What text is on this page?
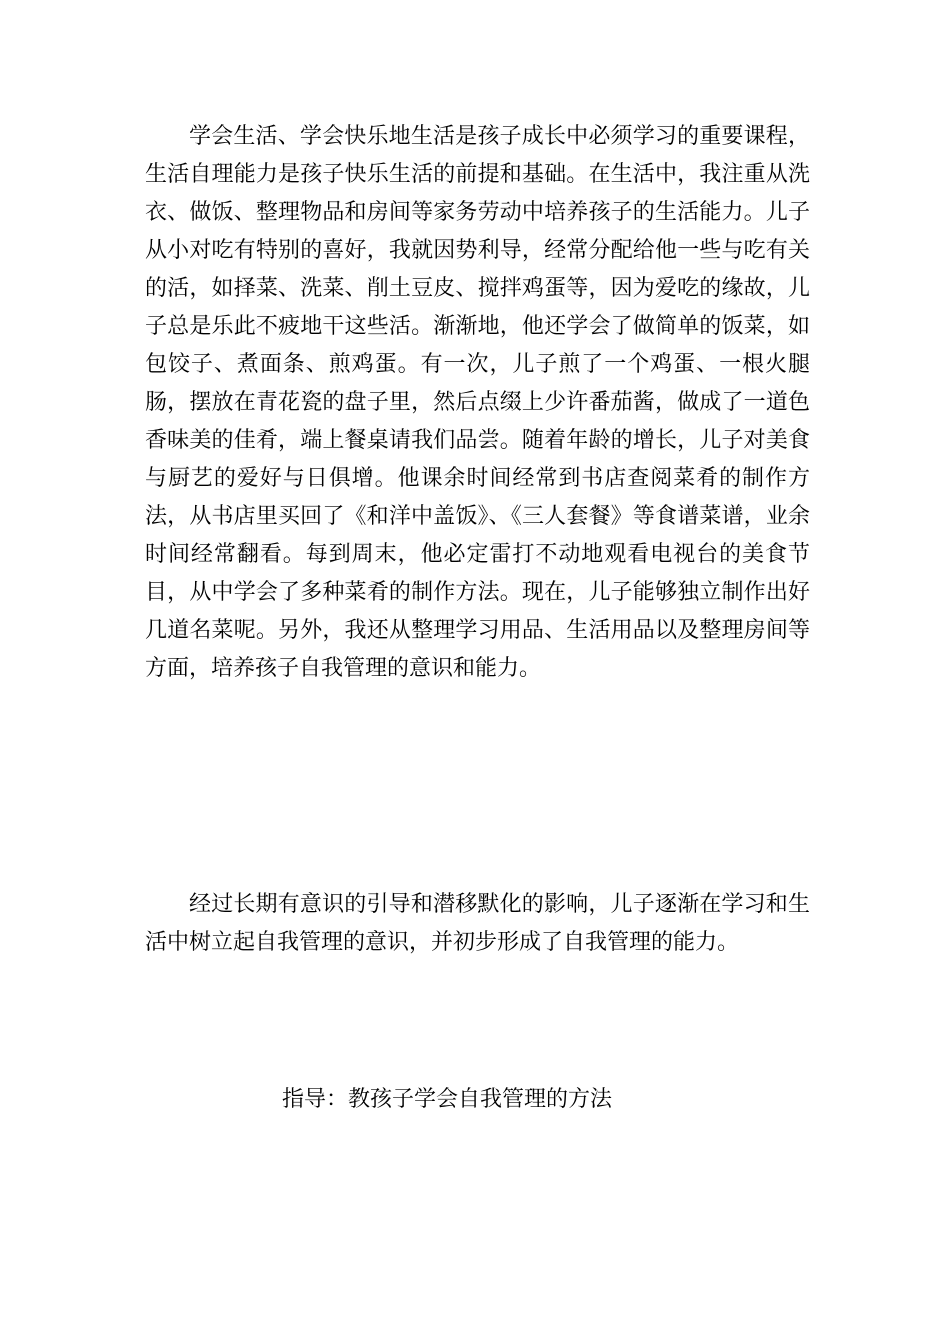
学会生活、学会快乐地生活是孩子成长中必须学习的重要课程，生活自理能力是孩子快乐生活的前提和基础。在生活中，我注重从洗衣、做饭、整理物品和房间等家务劳动中培养孩子的生活能力。儿子从小对吃有特别的喜好，我就因势利导，经常分配给他一些与吃有关的活，如择菜、洗菜、削土豆皮、搅拌鸡蛋等，因为爱吃的缘故，儿子总是乐此不疲地干这些活。渐渐地，他还学会了做简单的饭菜，如包饺子、煮面条、煎鸡蛋。有一次，儿子煎了一个鸡蛋、一根火腿肠，摆放在青花瓷的盘子里，然后点缀上少许番茄酱，做成了一道色香味美的佳肴，端上餐桌请我们品尝。随着年龄的增长，儿子对美食与厨艺的爱好与日俱增。他课余时间经常到书店查阅菜肴的制作方法，从书店里买回了《和洋中盖饭》、《三人套餐》等食谱菜谱，业余时间经常翻看。每到周末，他必定雷打不动地观看电视台的美食节目，从中学会了多种菜肴的制作方法。现在，儿子能够独立制作出好几道名菜呢。另外，我还从整理学习用品、生活用品以及整理房间等方面，培养孩子自我管理的意识和能力。

经过长期有意识的引导和潜移默化的影响，儿子逐渐在学习和生活中树立起自我管理的意识，并初步形成了自我管理的能力。

指导：教孩子学会自我管理的方法
